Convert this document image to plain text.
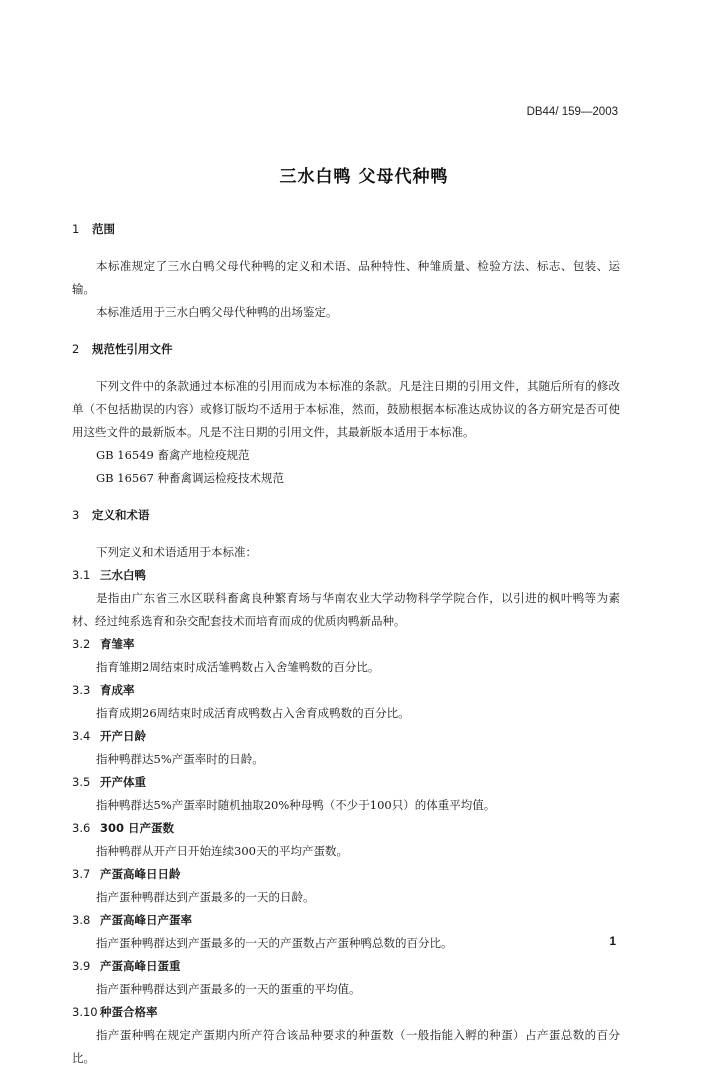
DB44/ 159—2003
三水白鸭 父母代种鸭
1 范围
本标准规定了三水白鸭父母代种鸭的定义和术语、品种特性、种雏质量、检验方法、标志、包装、运输。
本标准适用于三水白鸭父母代种鸭的出场鉴定。
2 规范性引用文件
下列文件中的条款通过本标准的引用而成为本标准的条款。凡是注日期的引用文件，其随后所有的修改单（不包括勘误的内容）或修订版均不适用于本标准，然而，鼓励根据本标准达成协议的各方研究是否可使用这些文件的最新版本。凡是不注日期的引用文件，其最新版本适用于本标准。
GB 16549 畜禽产地检疫规范
GB 16567 种畜禽调运检疫技术规范
3 定义和术语
下列定义和术语适用于本标准：
3.1 三水白鸭
是指由广东省三水区联科畜禽良种繁育场与华南农业大学动物科学学院合作，以引进的枫叶鸭等为素材、经过纯系选育和杂交配套技术而培育而成的优质肉鸭新品种。
3.2 育雏率
指育雏期2周结束时成活雏鸭数占入舍雏鸭数的百分比。
3.3 育成率
指育成期26周结束时成活育成鸭数占入舍育成鸭数的百分比。
3.4 开产日龄
指种鸭群达5%产蛋率时的日龄。
3.5 开产体重
指种鸭群达5%产蛋率时随机抽取20%种母鸭（不少于100只）的体重平均值。
3.6 300 日产蛋数
指种鸭群从开产日开始连续300天的平均产蛋数。
3.7 产蛋高峰日日龄
指产蛋种鸭群达到产蛋最多的一天的日龄。
3.8 产蛋高峰日产蛋率
指产蛋种鸭群达到产蛋最多的一天的产蛋数占产蛋种鸭总数的百分比。
3.9 产蛋高峰日蛋重
指产蛋种鸭群达到产蛋最多的一天的蛋重的平均值。
3.10 种蛋合格率
指产蛋种鸭在规定产蛋期内所产符合该品种要求的种蛋数（一般指能入孵的种蛋）占产蛋总数的百分比。
1
